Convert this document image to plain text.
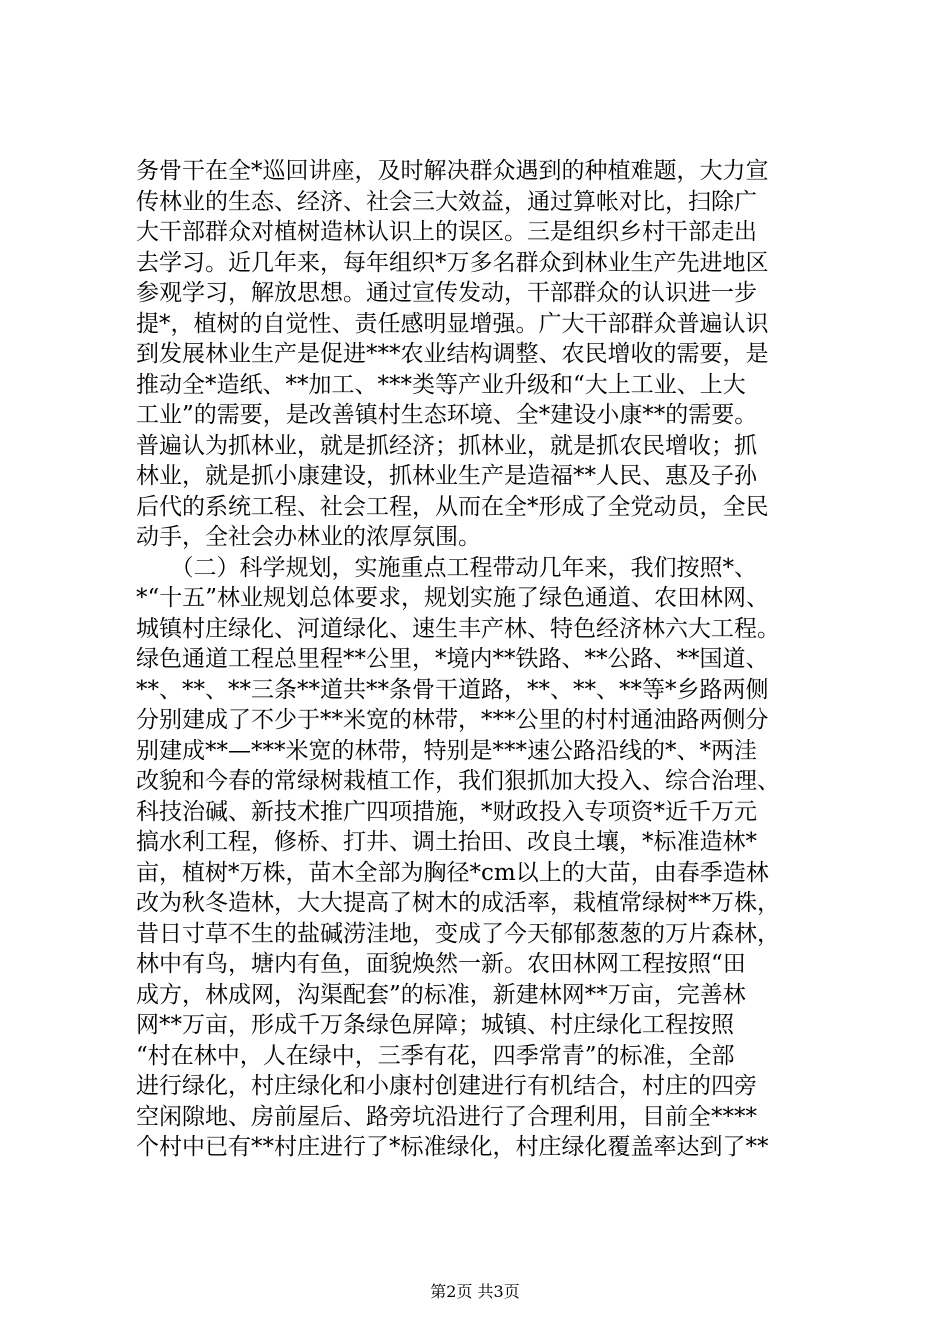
务骨干在全*巡回讲座，及时解决群众遇到的种植难题，大力宣
传林业的生态、经济、社会三大效益，通过算帐对比，扫除广
大干部群众对植树造林认识上的误区。三是组织乡村干部走出
去学习。近几年来，每年组织*万多名群众到林业生产先进地区
参观学习，解放思想。通过宣传发动，干部群众的认识进一步
提*，植树的自觉性、责任感明显增强。广大干部群众普遍认识
到发展林业生产是促进***农业结构调整、农民增收的需要，是
推动全*造纸、**加工、***类等产业升级和“大上工业、上大
工业”的需要，是改善镇村生态环境、全*建设小康**的需要。
普遍认为抓林业，就是抓经济；抓林业，就是抓农民增收；抓
林业，就是抓小康建设，抓林业生产是造福**人民、惠及子孙
后代的系统工程、社会工程，从而在全*形成了全党动员，全民
动手，全社会办林业的浓厚氛围。
　　（二）科学规划，实施重点工程带动几年来，我们按照*、
*“十五”林业规划总体要求，规划实施了绿色通道、农田林网、
城镇村庄绿化、河道绿化、速生丰产林、特色经济林六大工程。
绿色通道工程总里程**公里，*境内**铁路、**公路、**国道、
**、**、**三条**道共**条骨干道路，**、**、**等*乡路两侧
分别建成了不少于**米宽的林带，***公里的村村通油路两侧分
别建成**—***米宽的林带，特别是***速公路沿线的*、*两洼
改貌和今春的常绿树栽植工作，我们狠抓加大投入、综合治理、
科技治碱、新技术推广四项措施，*财政投入专项资*近千万元
搞水利工程，修桥、打井、调土抬田、改良土壤，*标准造林*
亩，植树*万株，苗木全部为胸径*cm以上的大苗，由春季造林
改为秋冬造林，大大提高了树木的成活率，栽植常绿树**万株，
昔日寸草不生的盐碱涝洼地，变成了今天郁郁葱葱的万片森林，
林中有鸟，塘内有鱼，面貌焕然一新。农田林网工程按照“田
成方，林成网，沟渠配套”的标准，新建林网**万亩，完善林
网**万亩，形成千万条绿色屏障；城镇、村庄绿化工程按照
“村在林中，人在绿中，三季有花，四季常青”的标准，全部
进行绿化，村庄绿化和小康村创建进行有机结合，村庄的四旁
空闲隙地、房前屋后、路旁坑沿进行了合理利用，目前全****
个村中已有**村庄进行了*标准绿化，村庄绿化覆盖率达到了**
第2页 共3页
